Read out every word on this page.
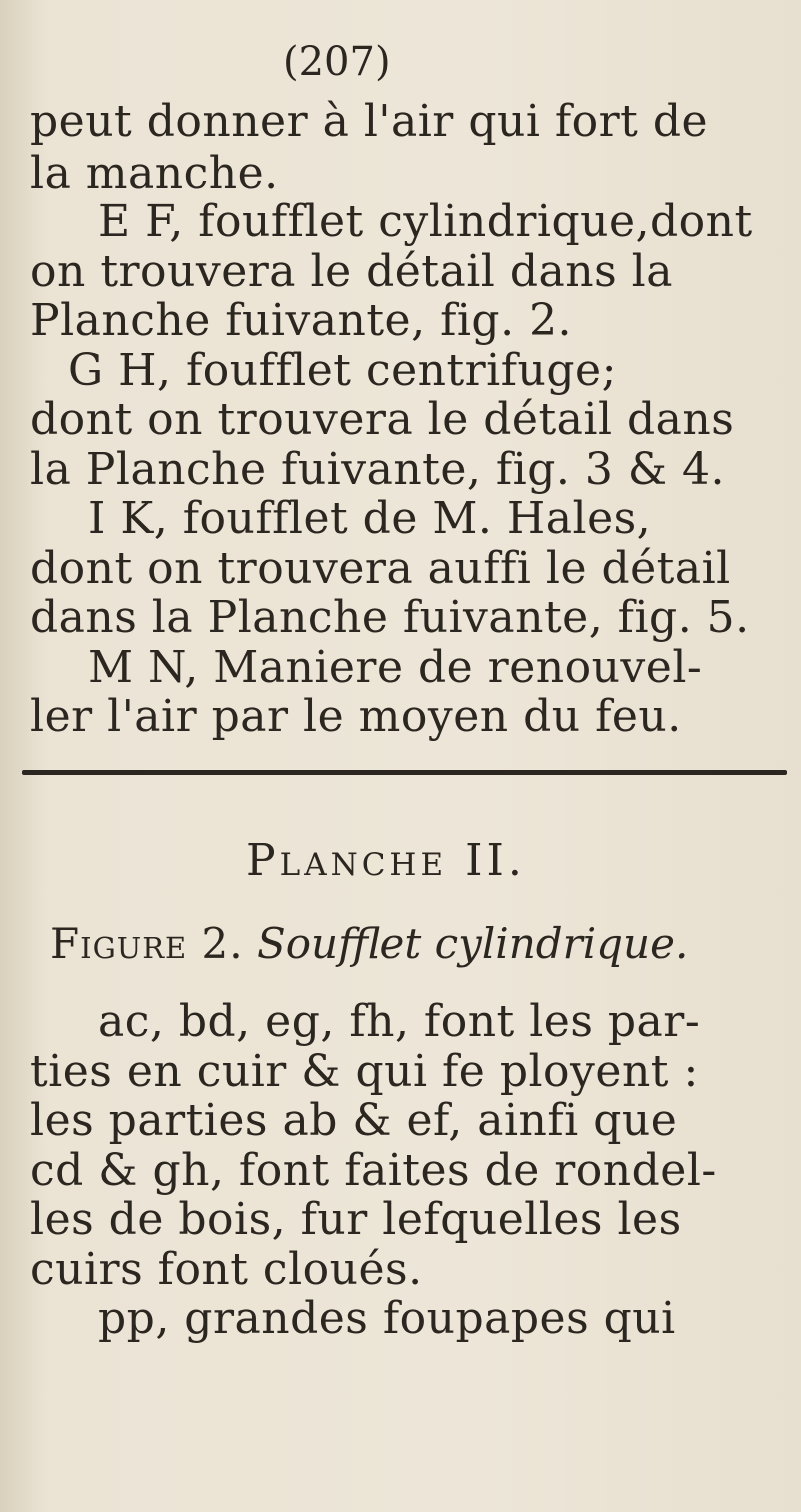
(207)
peut donner à l'air qui fort de
la manche.
E F, foufflet cylindrique,dont
on trouvera le détail dans la
Planche fuivante, fig. 2.
G H, foufflet centrifuge;
dont on trouvera le détail dans
la Planche fuivante, fig. 3 & 4.
I K, foufflet de M. Hales,
dont on trouvera auffi le détail
dans la Planche fuivante, fig. 5.
M N, Maniere de renouvel-
ler l'air par le moyen du feu.
Planche II.
Figure 2. Soufflet cylindrique.
ac, bd, eg, fh, font les par-
ties en cuir & qui fe ployent :
les parties ab & ef, ainfi que
cd & gh, font faites de rondel-
les de bois, fur lefquelles les
cuirs font cloués.
pp, grandes foupapes qui
